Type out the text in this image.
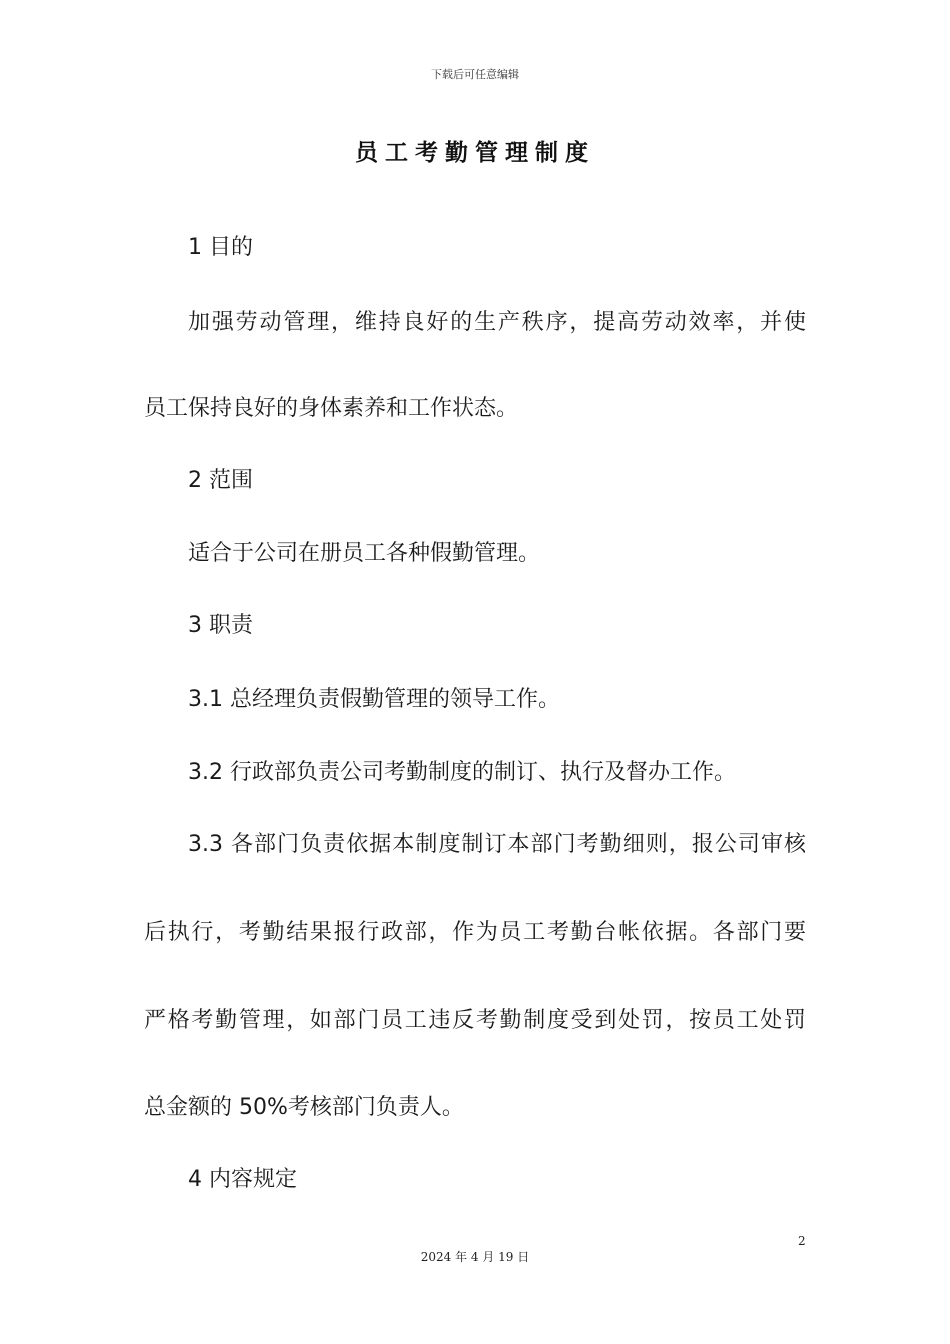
下载后可任意编辑
员工考勤管理制度
1 目的
加强劳动管理，维持良好的生产秩序，提高劳动效率，并使
员工保持良好的身体素养和工作状态。
2 范围
适合于公司在册员工各种假勤管理。
3 职责
3.1 总经理负责假勤管理的领导工作。
3.2 行政部负责公司考勤制度的制订、执行及督办工作。
3.3 各部门负责依据本制度制订本部门考勤细则，报公司审核
后执行，考勤结果报行政部，作为员工考勤台帐依据。各部门要
严格考勤管理，如部门员工违反考勤制度受到处罚，按员工处罚
总金额的 50%考核部门负责人。
4 内容规定
2
2024 年 4 月 19 日
